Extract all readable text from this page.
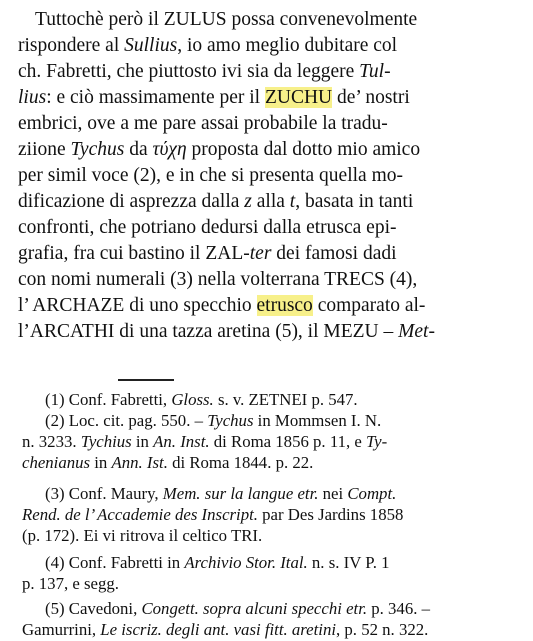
Tuttochè però il ZULUS possa convenevolmente
rispondere al Sullius, io amo meglio dubitare col
ch. Fabretti, che piuttosto ivi sia da leggere Tul-
lius: e ciò massimamente per il ZUCHU de’ nostri
embrici, ove a me pare assai probabile la tradu-
ziione Tychus da τύχη proposta dal dotto mio amico
per simil voce (2), e in che si presenta quella mo-
dificazione di asprezza dalla z alla t, basata in tanti
confronti, che potriano dedursi dalla etrusca epi-
grafia, fra cui bastino il ZAL-ter dei famosi dadi
con nomi numerali (3) nella volterrana TRECS (4),
l’ ARCHAZE di uno specchio etrusco comparato al-
l’ARCATHI di una tazza aretina (5), il MEZU – Met-
(1) Conf. Fabretti, Gloss. s. v. ZETNEI p. 547.
(2) Loc. cit. pag. 550. – Tychus in Mommsen I. N.
n. 3233. Tychius in An. Inst. di Roma 1856 p. 11, e Ty-
chenianus in Ann. Ist. di Roma 1844. p. 22.
(3) Conf. Maury, Mem. sur la langue etr. nei Compt.
Rend. de l’ Accademie des Inscript. par Des Jardins 1858
(p. 172). Ei vi ritrova il celtico TRI.
(4) Conf. Fabretti in Archivio Stor. Ital. n. s. IV P. 1
p. 137, e segg.
(5) Cavedoni, Congett. sopra alcuni specchi etr. p. 346. –
Gamurrini, Le iscriz. degli ant. vasi fitt. aretini, p. 52 n. 322.
